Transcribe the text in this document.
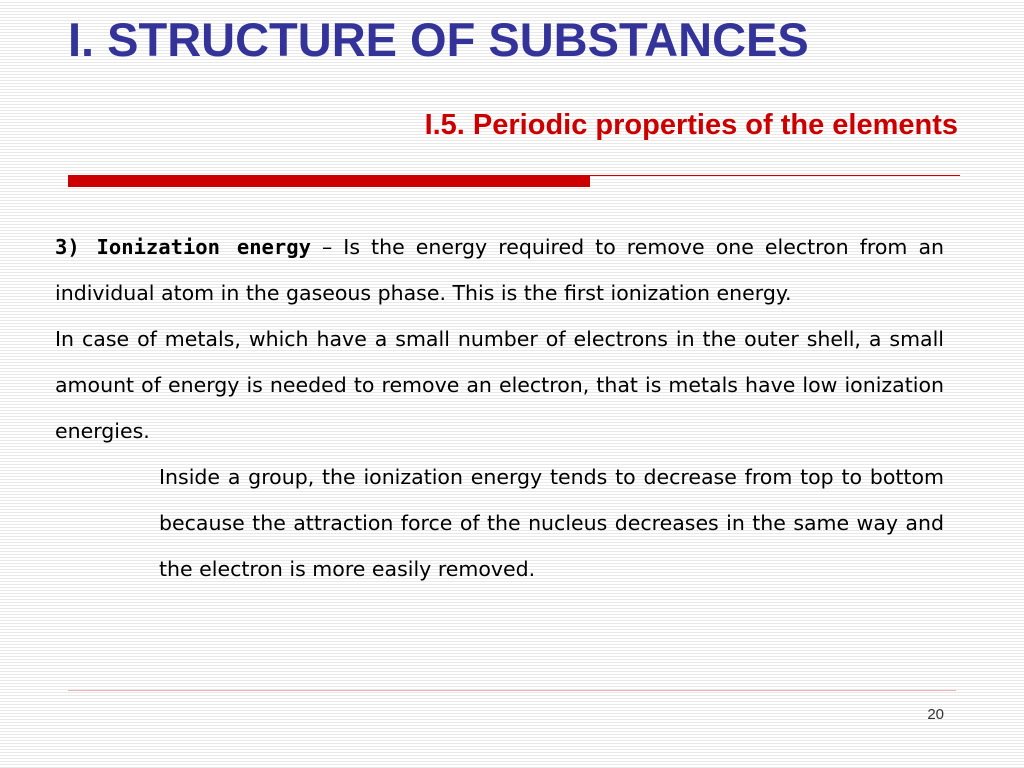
I. STRUCTURE OF SUBSTANCES
I.5. Periodic properties of the elements

3) Ionization energy – Is the energy required to remove one electron from an individual atom in the gaseous phase. This is the first ionization energy.

In case of metals, which have a small number of electrons in the outer shell, a small amount of energy is needed to remove an electron, that is metals have low ionization energies.

Inside a group, the ionization energy tends to decrease from top to bottom because the attraction force of the nucleus decreases in the same way and the electron is more easily removed.

20
